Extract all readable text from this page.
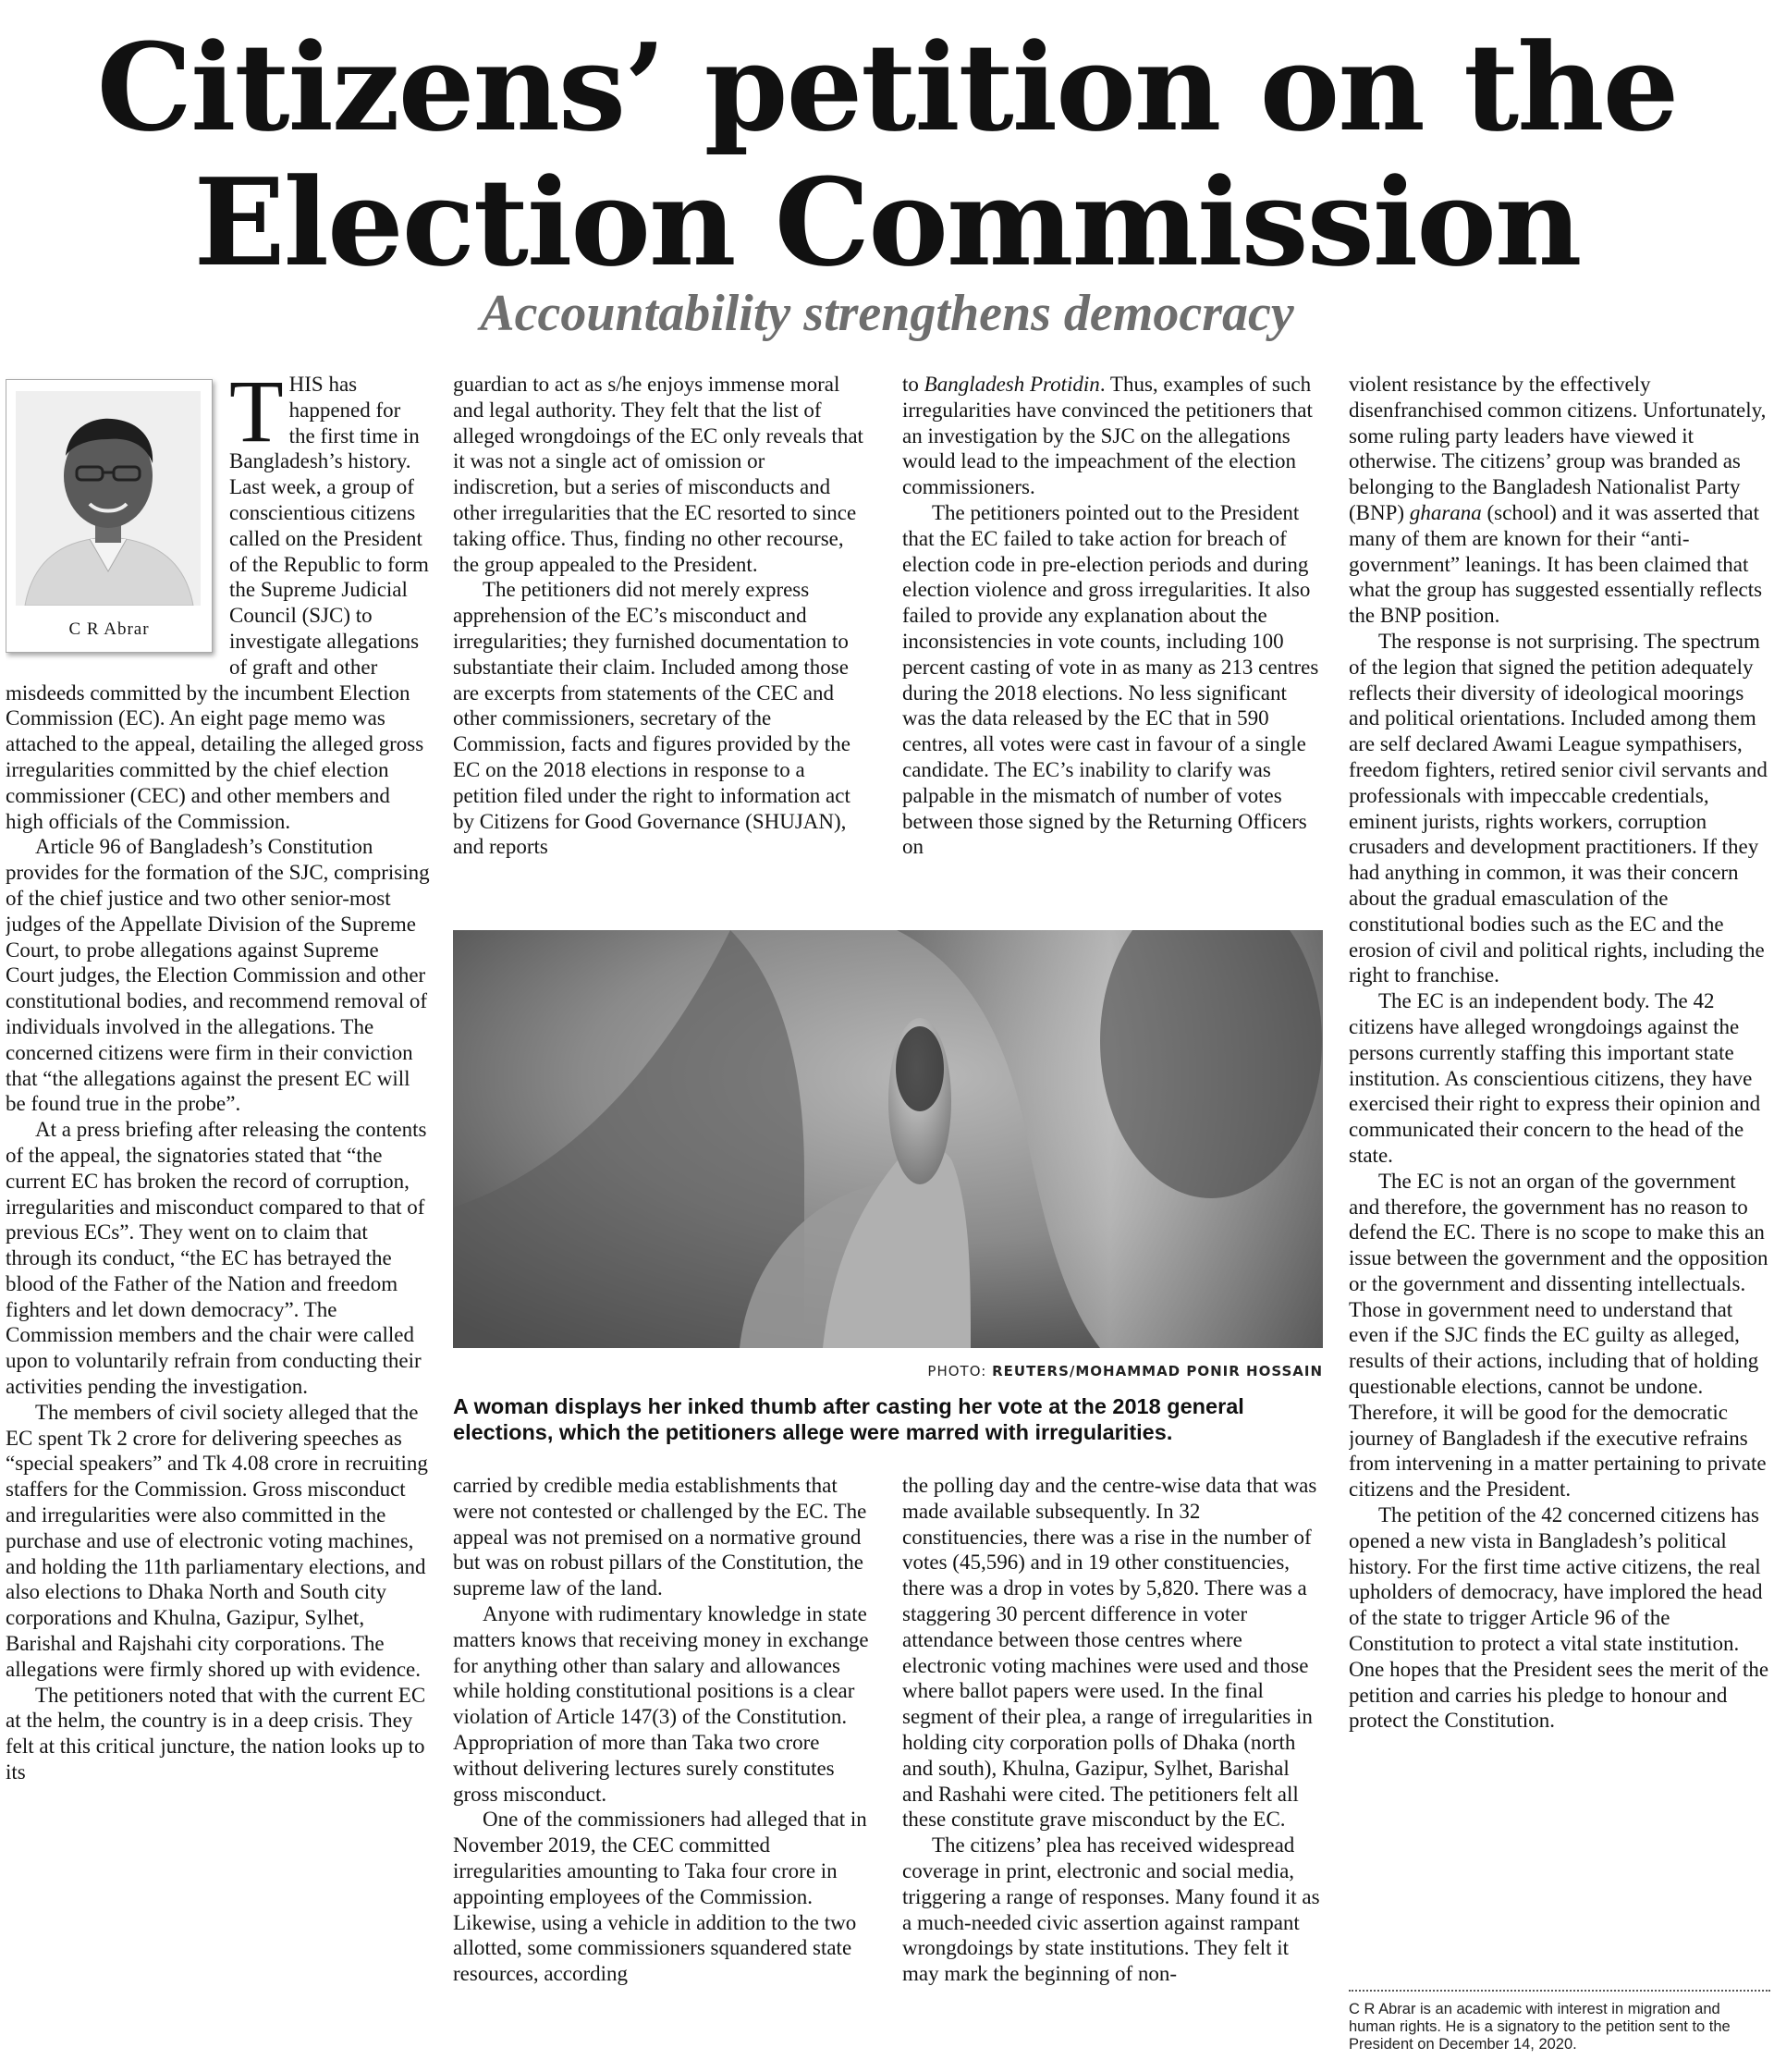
Citizens’ petition on the
Election Commission
Accountability strengthens democracy
C R Abrar

THIS has happened for the first time in Bangladesh’s history. Last week, a group of conscientious citizens called on the President of the Republic to form the Supreme Judicial Council (SJC) to investigate allegations of graft and other misdeeds committed by the incumbent Election Commission (EC). An eight page memo was attached to the appeal, detailing the alleged gross irregularities committed by the chief election commissioner (CEC) and other members and high officials of the Commission.

Article 96 of Bangladesh’s Constitution provides for the formation of the SJC, comprising of the chief justice and two other senior-most judges of the Appellate Division of the Supreme Court, to probe allegations against Supreme Court judges, the Election Commission and other constitutional bodies, and recommend removal of individuals involved in the allegations. The concerned citizens were firm in their conviction that “the allegations against the present EC will be found true in the probe”.

At a press briefing after releasing the contents of the appeal, the signatories stated that “the current EC has broken the record of corruption, irregularities and misconduct compared to that of previous ECs”. They went on to claim that through its conduct, “the EC has betrayed the blood of the Father of the Nation and freedom fighters and let down democracy”. The Commission members and the chair were called upon to voluntarily refrain from conducting their activities pending the investigation.

The members of civil society alleged that the EC spent Tk 2 crore for delivering speeches as “special speakers” and Tk 4.08 crore in recruiting staffers for the Commission. Gross misconduct and irregularities were also committed in the purchase and use of electronic voting machines, and holding the 11th parliamentary elections, and also elections to Dhaka North and South city corporations and Khulna, Gazipur, Sylhet, Barishal and Rajshahi city corporations. The allegations were firmly shored up with evidence.

The petitioners noted that with the current EC at the helm, the country is in a deep crisis. They felt at this critical juncture, the nation looks up to its

guardian to act as s/he enjoys immense moral and legal authority. They felt that the list of alleged wrongdoings of the EC only reveals that it was not a single act of omission or indiscretion, but a series of misconducts and other irregularities that the EC resorted to since taking office. Thus, finding no other recourse, the group appealed to the President.

The petitioners did not merely express apprehension of the EC’s misconduct and irregularities; they furnished documentation to substantiate their claim. Included among those are excerpts from statements of the CEC and other commissioners, secretary of the Commission, facts and figures provided by the EC on the 2018 elections in response to a petition filed under the right to information act by Citizens for Good Governance (SHUJAN), and reports

to Bangladesh Protidin. Thus, examples of such irregularities have convinced the petitioners that an investigation by the SJC on the allegations would lead to the impeachment of the election commissioners.

The petitioners pointed out to the President that the EC failed to take action for breach of election code in pre-election periods and during election violence and gross irregularities. It also failed to provide any explanation about the inconsistencies in vote counts, including 100 percent casting of vote in as many as 213 centres during the 2018 elections. No less significant was the data released by the EC that in 590 centres, all votes were cast in favour of a single candidate. The EC’s inability to clarify was palpable in the mismatch of number of votes between those signed by the Returning Officers on

PHOTO: REUTERS/MOHAMMAD PONIR HOSSAIN
A woman displays her inked thumb after casting her vote at the 2018 general elections, which the petitioners allege were marred with irregularities.

carried by credible media establishments that were not contested or challenged by the EC. The appeal was not premised on a normative ground but was on robust pillars of the Constitution, the supreme law of the land.

Anyone with rudimentary knowledge in state matters knows that receiving money in exchange for anything other than salary and allowances while holding constitutional positions is a clear violation of Article 147(3) of the Constitution. Appropriation of more than Taka two crore without delivering lectures surely constitutes gross misconduct.

One of the commissioners had alleged that in November 2019, the CEC committed irregularities amounting to Taka four crore in appointing employees of the Commission. Likewise, using a vehicle in addition to the two allotted, some commissioners squandered state resources, according

the polling day and the centre-wise data that was made available subsequently. In 32 constituencies, there was a rise in the number of votes (45,596) and in 19 other constituencies, there was a drop in votes by 5,820. There was a staggering 30 percent difference in voter attendance between those centres where electronic voting machines were used and those where ballot papers were used. In the final segment of their plea, a range of irregularities in holding city corporation polls of Dhaka (north and south), Khulna, Gazipur, Sylhet, Barishal and Rashahi were cited. The petitioners felt all these constitute grave misconduct by the EC.

The citizens’ plea has received widespread coverage in print, electronic and social media, triggering a range of responses. Many found it as a much-needed civic assertion against rampant wrongdoings by state institutions. They felt it may mark the beginning of non-

violent resistance by the effectively disenfranchised common citizens. Unfortunately, some ruling party leaders have viewed it otherwise. The citizens’ group was branded as belonging to the Bangladesh Nationalist Party (BNP) gharana (school) and it was asserted that many of them are known for their “anti-government” leanings. It has been claimed that what the group has suggested essentially reflects the BNP position.

The response is not surprising. The spectrum of the legion that signed the petition adequately reflects their diversity of ideological moorings and political orientations. Included among them are self declared Awami League sympathisers, freedom fighters, retired senior civil servants and professionals with impeccable credentials, eminent jurists, rights workers, corruption crusaders and development practitioners. If they had anything in common, it was their concern about the gradual emasculation of the constitutional bodies such as the EC and the erosion of civil and political rights, including the right to franchise.

The EC is an independent body. The 42 citizens have alleged wrongdoings against the persons currently staffing this important state institution. As conscientious citizens, they have exercised their right to express their opinion and communicated their concern to the head of the state.

The EC is not an organ of the government and therefore, the government has no reason to defend the EC. There is no scope to make this an issue between the government and the opposition or the government and dissenting intellectuals. Those in government need to understand that even if the SJC finds the EC guilty as alleged, results of their actions, including that of holding questionable elections, cannot be undone. Therefore, it will be good for the democratic journey of Bangladesh if the executive refrains from intervening in a matter pertaining to private citizens and the President.

The petition of the 42 concerned citizens has opened a new vista in Bangladesh’s political history. For the first time active citizens, the real upholders of democracy, have implored the head of the state to trigger Article 96 of the Constitution to protect a vital state institution. One hopes that the President sees the merit of the petition and carries his pledge to honour and protect the Constitution.

C R Abrar is an academic with interest in migration and human rights. He is a signatory to the petition sent to the President on December 14, 2020.
